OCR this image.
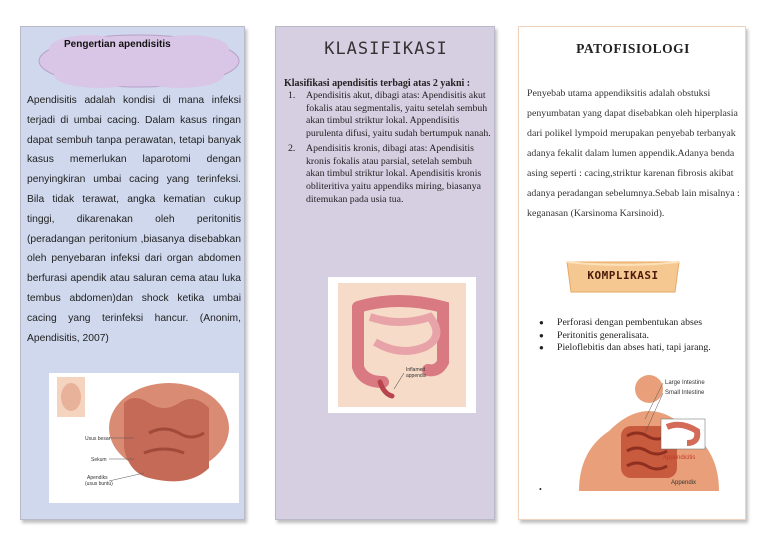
Pengertian apendisitis
Apendisitis adalah kondisi di mana infeksi terjadi di umbai cacing. Dalam kasus ringan dapat sembuh tanpa perawatan, tetapi banyak kasus memerlukan laparotomi dengan penyingkiran umbai cacing yang terinfeksi. Bila tidak terawat, angka kematian cukup tinggi, dikarenakan oleh peritonitis (peradangan peritonium ,biasanya disebabkan oleh penyebaran infeksi dari organ abdomen berfurasi apendik atau saluran cema atau luka tembus abdomen)dan shock ketika umbai cacing yang terinfeksi hancur. (Anonim, Apendisitis, 2007)
Usus besar
Sekum
Apendiks
(usus buntu)
KLASIFIKASI
Klasifikasi apendisitis terbagi atas 2 yakni :
1.	Apendisitis akut, dibagi atas: Apendisitis akut fokalis atau segmentalis, yaitu setelah sembuh akan timbul striktur lokal. Appendisitis purulenta difusi, yaitu sudah bertumpuk nanah.
2.	Apendisitis kronis, dibagi atas: Apendisitis kronis fokalis atau parsial, setelah sembuh akan timbul striktur lokal. Apendisitis kronis obliteritiva yaitu appendiks miring, biasanya ditemukan pada usia tua.
Inflamed
appendix
PATOFISIOLOGI
Penyebab utama appendiksitis adalah obstuksi penyumbatan yang dapat disebabkan oleh hiperplasia dari polikel lympoid merupakan penyebab terbanyak adanya fekalit dalam lumen appendik.Adanya benda asing seperti : cacing,striktur karenan fibrosis akibat adanya peradangan sebelumnya.Sebab lain misalnya : keganasan (Karsinoma Karsinoid).
KOMPLIKASI
●	Perforasi dengan pembentukan abses
●	Peritonitis generalisata.
●	Pieloflebitis dan abses hati, tapi jarang.
Large Intestine
Small Intestine
Appendicitis
Appendix
•
